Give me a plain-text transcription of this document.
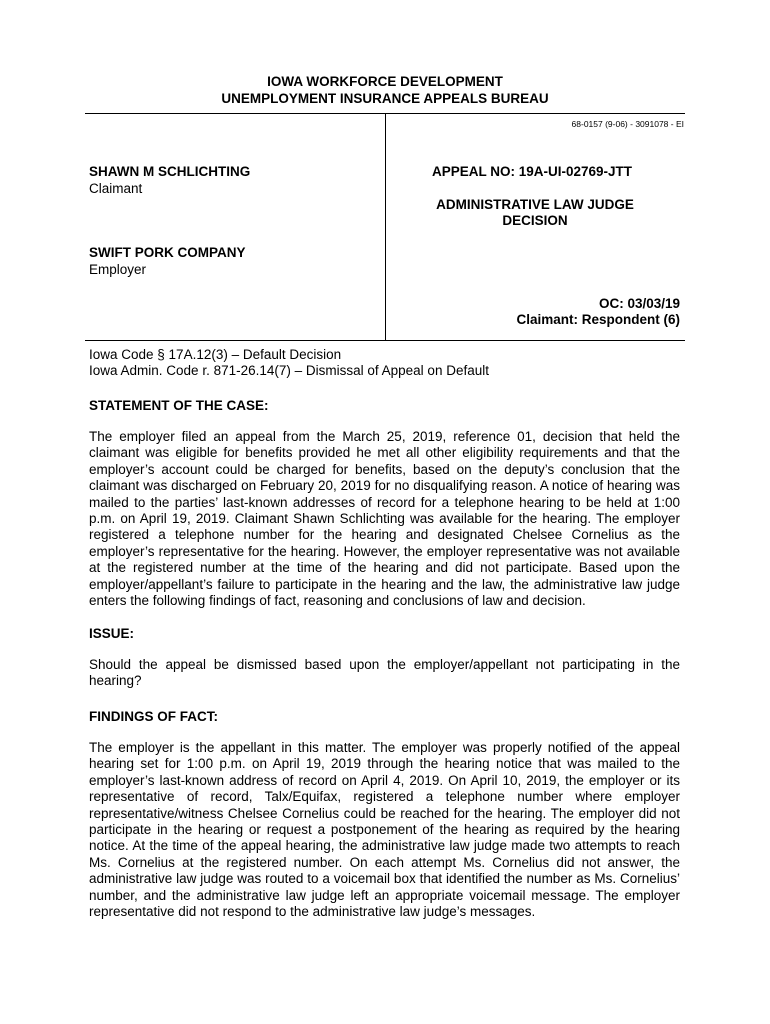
IOWA WORKFORCE DEVELOPMENT
UNEMPLOYMENT INSURANCE APPEALS BUREAU
68-0157 (9-06) - 3091078 - EI
SHAWN M SCHLICHTING
Claimant
SWIFT PORK COMPANY
Employer
APPEAL NO: 19A-UI-02769-JTT
ADMINISTRATIVE LAW JUDGE
DECISION
OC: 03/03/19
Claimant: Respondent (6)
Iowa Code § 17A.12(3) – Default Decision
Iowa Admin. Code r. 871-26.14(7) – Dismissal of Appeal on Default
STATEMENT OF THE CASE:
The employer filed an appeal from the March 25, 2019, reference 01, decision that held the claimant was eligible for benefits provided he met all other eligibility requirements and that the employer’s account could be charged for benefits, based on the deputy’s conclusion that the claimant was discharged on February 20, 2019 for no disqualifying reason. A notice of hearing was mailed to the parties’ last-known addresses of record for a telephone hearing to be held at 1:00 p.m. on April 19, 2019. Claimant Shawn Schlichting was available for the hearing. The employer registered a telephone number for the hearing and designated Chelsee Cornelius as the employer’s representative for the hearing. However, the employer representative was not available at the registered number at the time of the hearing and did not participate. Based upon the employer/appellant’s failure to participate in the hearing and the law, the administrative law judge enters the following findings of fact, reasoning and conclusions of law and decision.
ISSUE:
Should the appeal be dismissed based upon the employer/appellant not participating in the hearing?
FINDINGS OF FACT:
The employer is the appellant in this matter. The employer was properly notified of the appeal hearing set for 1:00 p.m. on April 19, 2019 through the hearing notice that was mailed to the employer’s last-known address of record on April 4, 2019. On April 10, 2019, the employer or its representative of record, Talx/Equifax, registered a telephone number where employer representative/witness Chelsee Cornelius could be reached for the hearing. The employer did not participate in the hearing or request a postponement of the hearing as required by the hearing notice. At the time of the appeal hearing, the administrative law judge made two attempts to reach Ms. Cornelius at the registered number. On each attempt Ms. Cornelius did not answer, the administrative law judge was routed to a voicemail box that identified the number as Ms. Cornelius’ number, and the administrative law judge left an appropriate voicemail message. The employer representative did not respond to the administrative law judge’s messages.
